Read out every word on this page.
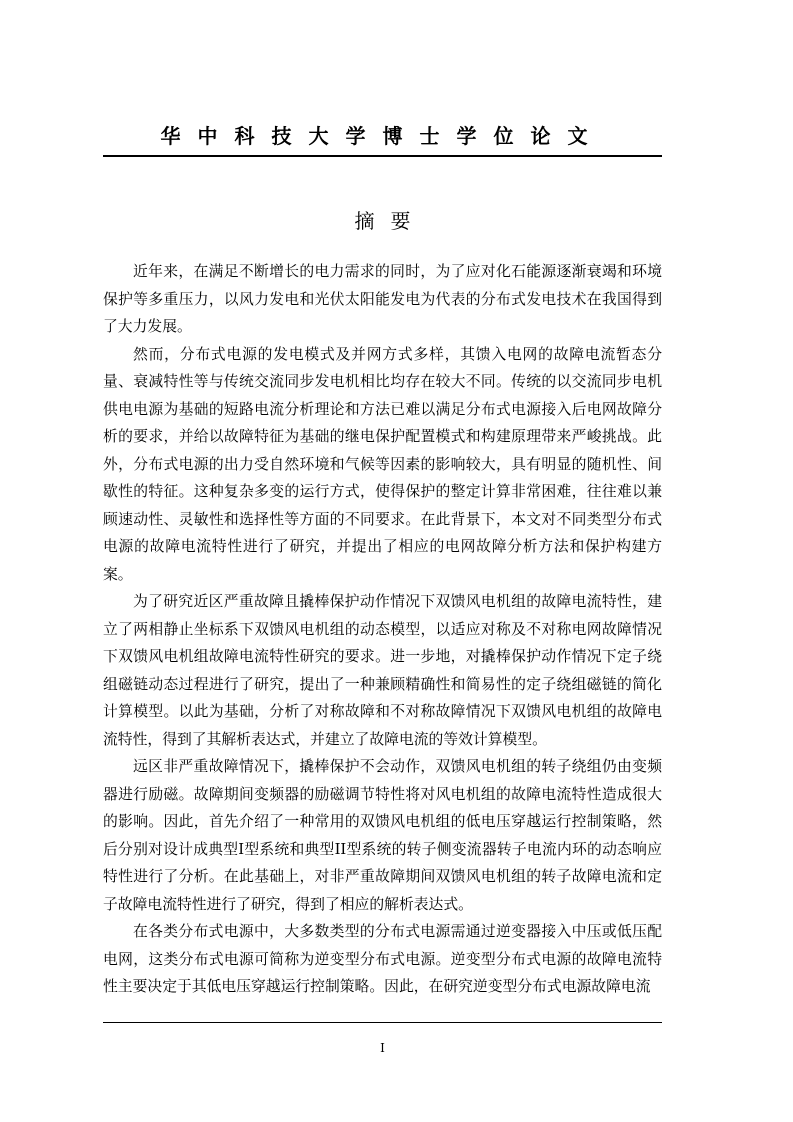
华中科技大学博士学位论文
摘要

近年来，在满足不断增长的电力需求的同时，为了应对化石能源逐渐衰竭和环境保护等多重压力，以风力发电和光伏太阳能发电为代表的分布式发电技术在我国得到了大力发展。

然而，分布式电源的发电模式及并网方式多样，其馈入电网的故障电流暂态分量、衰减特性等与传统交流同步发电机相比均存在较大不同。传统的以交流同步电机供电电源为基础的短路电流分析理论和方法已难以满足分布式电源接入后电网故障分析的要求，并给以故障特征为基础的继电保护配置模式和构建原理带来严峻挑战。此外，分布式电源的出力受自然环境和气候等因素的影响较大，具有明显的随机性、间歇性的特征。这种复杂多变的运行方式，使得保护的整定计算非常困难，往往难以兼顾速动性、灵敏性和选择性等方面的不同要求。在此背景下，本文对不同类型分布式电源的故障电流特性进行了研究，并提出了相应的电网故障分析方法和保护构建方案。

为了研究近区严重故障且撬棒保护动作情况下双馈风电机组的故障电流特性，建立了两相静止坐标系下双馈风电机组的动态模型，以适应对称及不对称电网故障情况下双馈风电机组故障电流特性研究的要求。进一步地，对撬棒保护动作情况下定子绕组磁链动态过程进行了研究，提出了一种兼顾精确性和简易性的定子绕组磁链的简化计算模型。以此为基础，分析了对称故障和不对称故障情况下双馈风电机组的故障电流特性，得到了其解析表达式，并建立了故障电流的等效计算模型。

远区非严重故障情况下，撬棒保护不会动作，双馈风电机组的转子绕组仍由变频器进行励磁。故障期间变频器的励磁调节特性将对风电机组的故障电流特性造成很大的影响。因此，首先介绍了一种常用的双馈风电机组的低电压穿越运行控制策略，然后分别对设计成典型I型系统和典型II型系统的转子侧变流器转子电流内环的动态响应特性进行了分析。在此基础上，对非严重故障期间双馈风电机组的转子故障电流和定子故障电流特性进行了研究，得到了相应的解析表达式。

在各类分布式电源中，大多数类型的分布式电源需通过逆变器接入中压或低压配电网，这类分布式电源可简称为逆变型分布式电源。逆变型分布式电源的故障电流特性主要决定于其低电压穿越运行控制策略。因此，在研究逆变型分布式电源故障电流

I
